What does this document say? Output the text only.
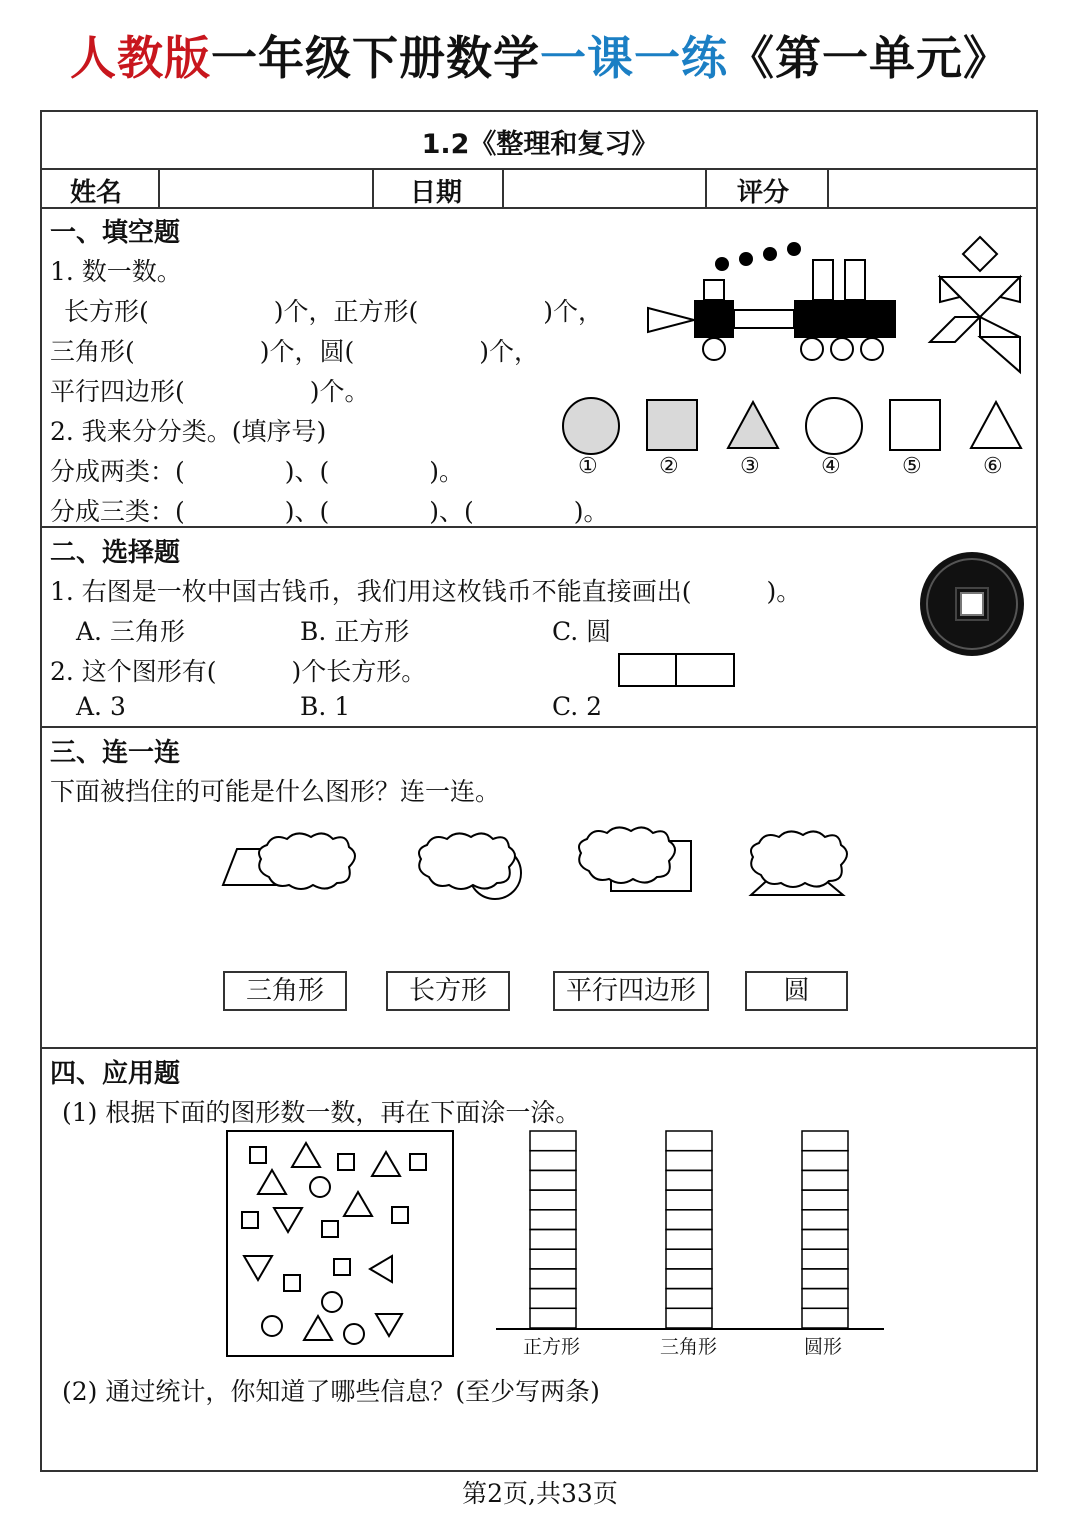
人教版一年级下册数学一课一练《第一单元》
1.2《整理和复习》
姓名	日期	评分
一、填空题
1. 数一数。
长方形(　　　　　)个，正方形(　　　　　)个，
三角形(　　　　　)个，圆(　　　　　)个，
平行四边形(　　　　　)个。
2. 我来分分类。(填序号)
分成两类：(　　　　)、(　　　　)。
分成三类：(　　　　)、(　　　　)、(　　　　)。
①	②	③	④	⑤	⑥
二、选择题
1. 右图是一枚中国古钱币，我们用这枚钱币不能直接画出(　　　)。
A. 三角形	B. 正方形	C. 圆
2. 这个图形有(　　　)个长方形。
A. 3	B. 1	C. 2
三、连一连
下面被挡住的可能是什么图形？连一连。
三角形	长方形	平行四边形	圆
四、应用题
(1) 根据下面的图形数一数，再在下面涂一涂。
正方形	三角形	圆形
(2) 通过统计，你知道了哪些信息？(至少写两条)
第2页,共33页
